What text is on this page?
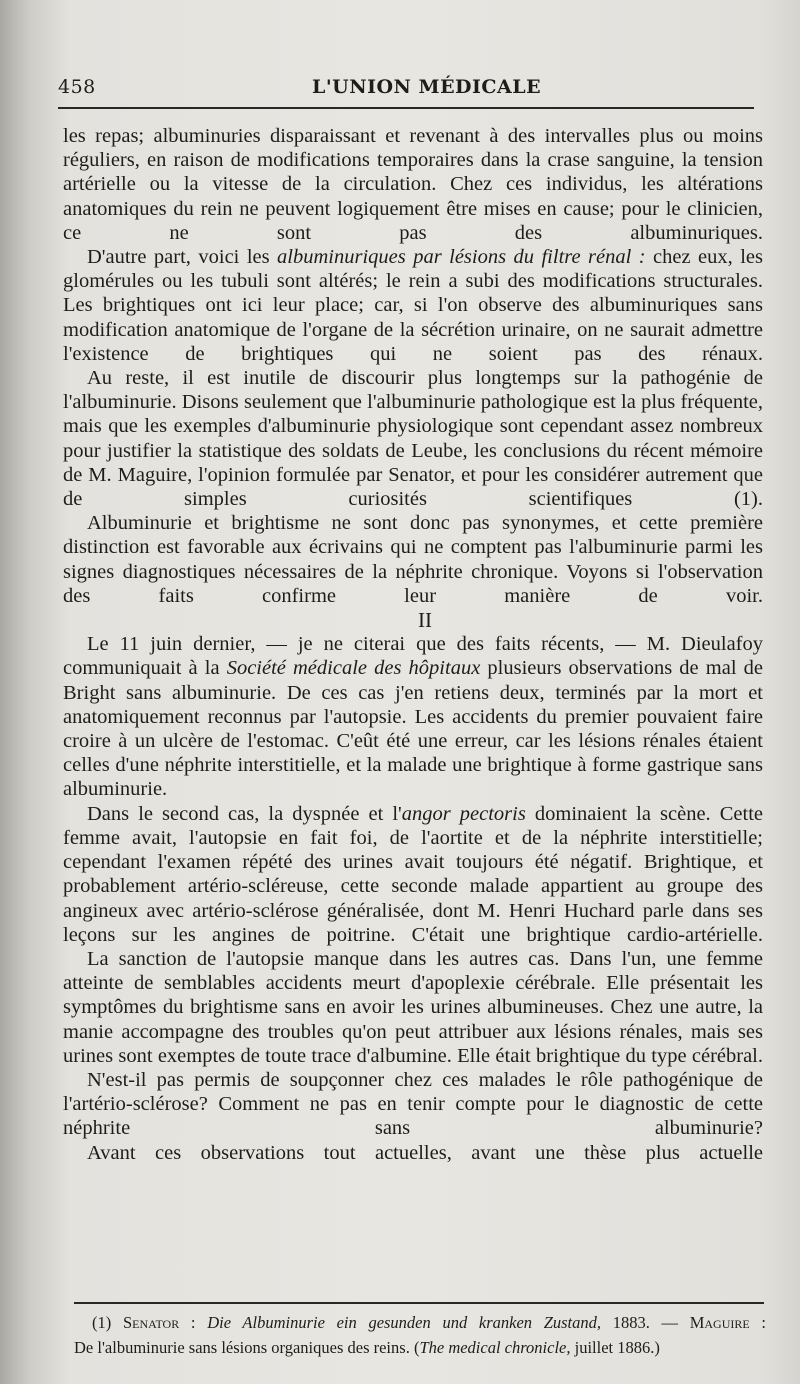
458	L'UNION MÉDICALE

les repas; albuminuries disparaissant et revenant à des intervalles plus ou moins réguliers, en raison de modifications temporaires dans la crase sanguine, la tension artérielle ou la vitesse de la circulation. Chez ces individus, les altérations anatomiques du rein ne peuvent logiquement être mises en cause; pour le clinicien, ce ne sont pas des albuminuriques.

D'autre part, voici les albuminuriques par lésions du filtre rénal : chez eux, les glomérules ou les tubuli sont altérés; le rein a subi des modifications structurales. Les brightiques ont ici leur place; car, si l'on observe des albuminuriques sans modification anatomique de l'organe de la sécrétion urinaire, on ne saurait admettre l'existence de brightiques qui ne soient pas des rénaux.

Au reste, il est inutile de discourir plus longtemps sur la pathogénie de l'albuminurie. Disons seulement que l'albuminurie pathologique est la plus fréquente, mais que les exemples d'albuminurie physiologique sont cependant assez nombreux pour justifier la statistique des soldats de Leube, les conclusions du récent mémoire de M. Maguire, l'opinion formulée par Senator, et pour les considérer autrement que de simples curiosités scientifiques (1).

Albuminurie et brightisme ne sont donc pas synonymes, et cette première distinction est favorable aux écrivains qui ne comptent pas l'albuminurie parmi les signes diagnostiques nécessaires de la néphrite chronique. Voyons si l'observation des faits confirme leur manière de voir.

II

Le 11 juin dernier, — je ne citerai que des faits récents, — M. Dieulafoy communiquait à la Société médicale des hôpitaux plusieurs observations de mal de Bright sans albuminurie. De ces cas j'en retiens deux, terminés par la mort et anatomiquement reconnus par l'autopsie. Les accidents du premier pouvaient faire croire à un ulcère de l'estomac. C'eût été une erreur, car les lésions rénales étaient celles d'une néphrite interstitielle, et la malade une brightique à forme gastrique sans albuminurie.

Dans le second cas, la dyspnée et l'angor pectoris dominaient la scène. Cette femme avait, l'autopsie en fait foi, de l'aortite et de la néphrite interstitielle; cependant l'examen répété des urines avait toujours été négatif. Brightique, et probablement artério-scléreuse, cette seconde malade appartient au groupe des angineux avec artério-sclérose généralisée, dont M. Henri Huchard parle dans ses leçons sur les angines de poitrine. C'était une brightique cardio-artérielle.

La sanction de l'autopsie manque dans les autres cas. Dans l'un, une femme atteinte de semblables accidents meurt d'apoplexie cérébrale. Elle présentait les symptômes du brightisme sans en avoir les urines albumineuses. Chez une autre, la manie accompagne des troubles qu'on peut attribuer aux lésions rénales, mais ses urines sont exemptes de toute trace d'albumine. Elle était brightique du type cérébral.

N'est-il pas permis de soupçonner chez ces malades le rôle pathogénique de l'artério-sclérose? Comment ne pas en tenir compte pour le diagnostic de cette néphrite sans albuminurie?

Avant ces observations tout actuelles, avant une thèse plus actuelle

(1) Senator : Die Albuminurie ein gesunden und kranken Zustand, 1883. — Maguire :

De l'albuminurie sans lésions organiques des reins. (The medical chronicle, juillet 1886.)
